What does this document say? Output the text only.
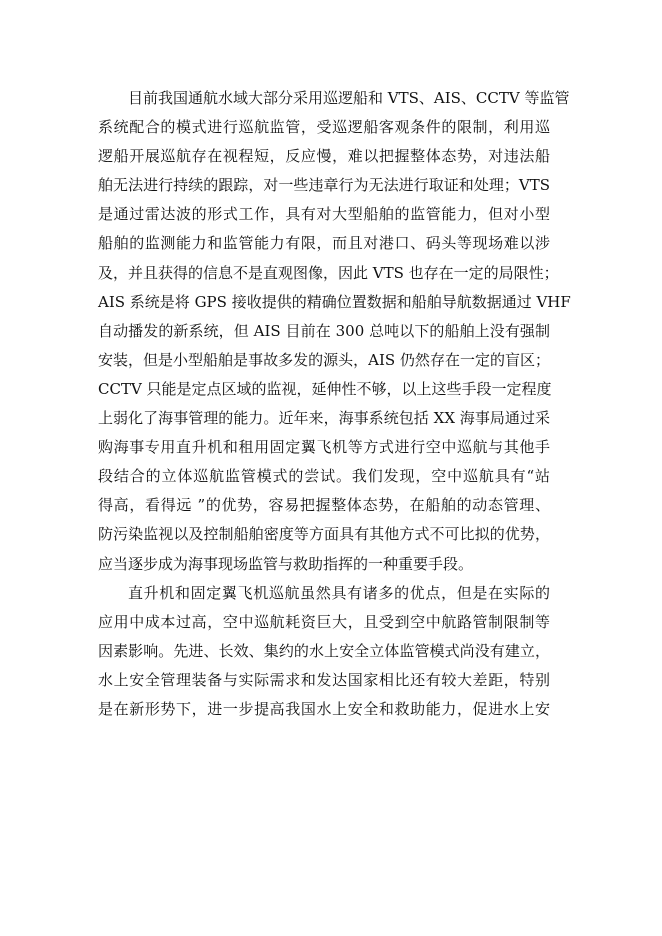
目前我国通航水域大部分采用巡逻船和 VTS、AIS、CCTV 等监管
系统配合的模式进行巡航监管，受巡逻船客观条件的限制，利用巡
逻船开展巡航存在视程短，反应慢，难以把握整体态势，对违法船
舶无法进行持续的跟踪，对一些违章行为无法进行取证和处理；VTS
是通过雷达波的形式工作，具有对大型船舶的监管能力，但对小型
船舶的监测能力和监管能力有限，而且对港口、码头等现场难以涉
及，并且获得的信息不是直观图像，因此 VTS 也存在一定的局限性；
AIS 系统是将 GPS 接收提供的精确位置数据和船舶导航数据通过 VHF
自动播发的新系统，但 AIS 目前在 300 总吨以下的船舶上没有强制
安装，但是小型船舶是事故多发的源头，AIS 仍然存在一定的盲区；
CCTV 只能是定点区域的监视，延伸性不够，以上这些手段一定程度
上弱化了海事管理的能力。近年来，海事系统包括 XX 海事局通过采
购海事专用直升机和租用固定翼飞机等方式进行空中巡航与其他手
段结合的立体巡航监管模式的尝试。我们发现，空中巡航具有“站
得高，看得远 ”的优势，容易把握整体态势，在船舶的动态管理、
防污染监视以及控制船舶密度等方面具有其他方式不可比拟的优势，
应当逐步成为海事现场监管与救助指挥的一种重要手段。
直升机和固定翼飞机巡航虽然具有诸多的优点，但是在实际的
应用中成本过高，空中巡航耗资巨大，且受到空中航路管制限制等
因素影响。先进、长效、集约的水上安全立体监管模式尚没有建立，
水上安全管理装备与实际需求和发达国家相比还有较大差距，特别
是在新形势下，进一步提高我国水上安全和救助能力，促进水上安
